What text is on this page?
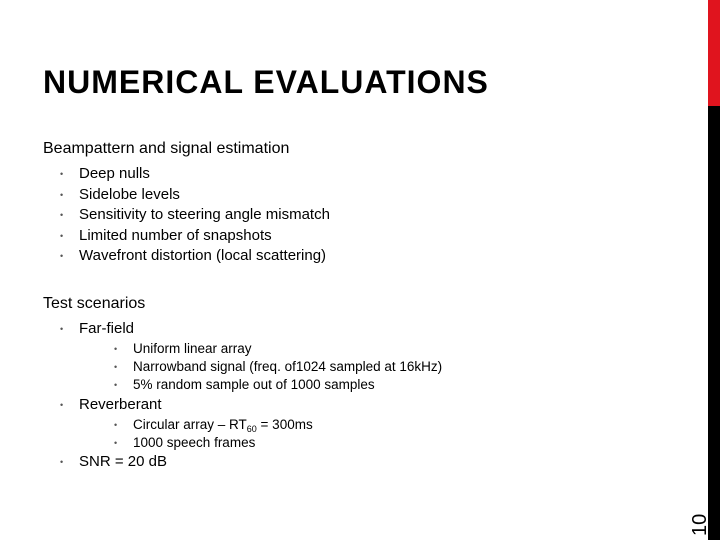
10
NUMERICAL EVALUATIONS
Beampattern and signal estimation
• Deep nulls
• Sidelobe levels
• Sensitivity to steering angle mismatch
• Limited number of snapshots
• Wavefront distortion (local scattering)
Test scenarios
• Far-field
• Uniform linear array
• Narrowband signal (freq. of1024 sampled at 16kHz)
• 5% random sample out of 1000 samples
• Reverberant
• Circular array – $RT_{60} = 300ms$
• 1000 speech frames
• SNR = 20 dB
